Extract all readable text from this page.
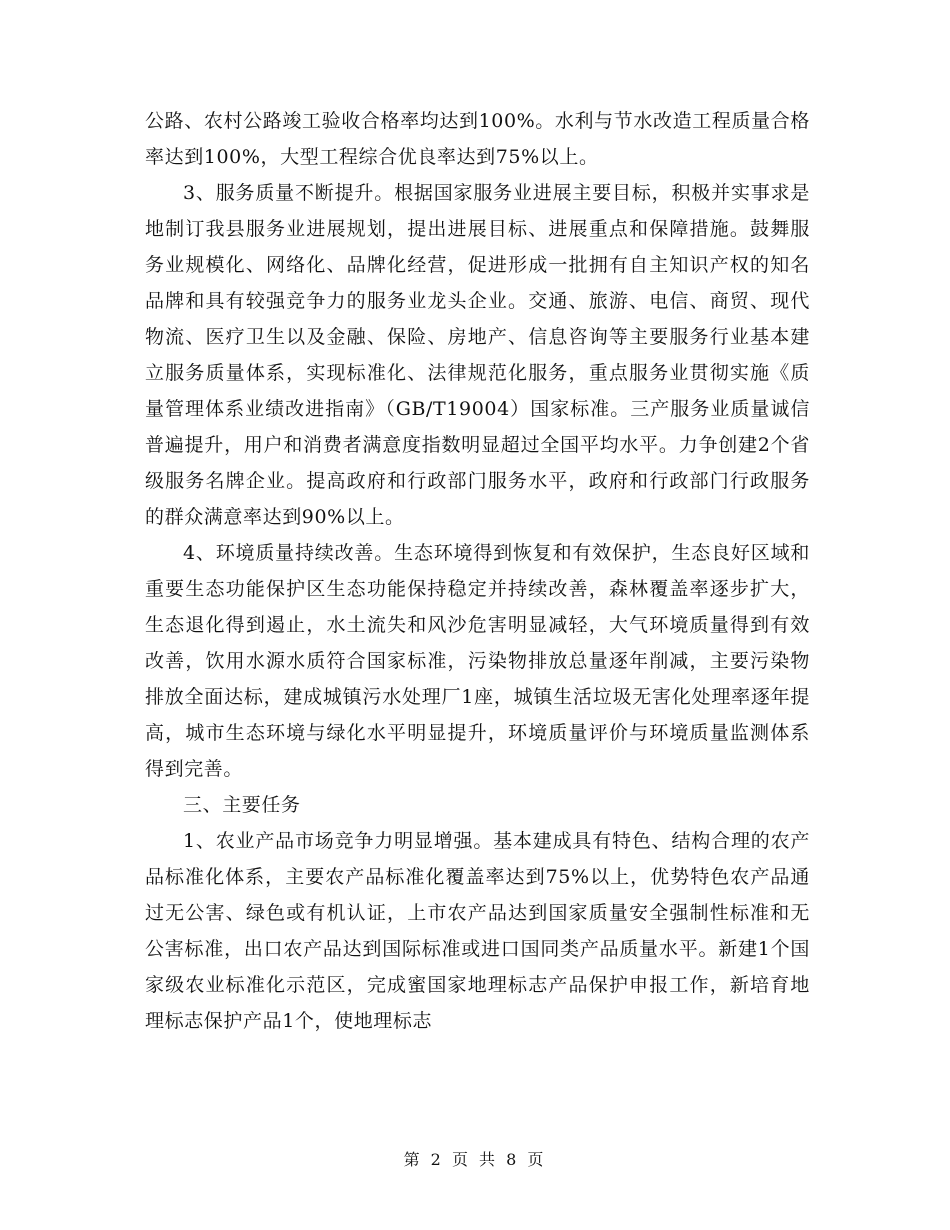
公路、农村公路竣工验收合格率均达到100%。水利与节水改造工程质量合格率达到100%，大型工程综合优良率达到75%以上。

3、服务质量不断提升。根据国家服务业进展主要目标，积极并实事求是地制订我县服务业进展规划，提出进展目标、进展重点和保障措施。鼓舞服务业规模化、网络化、品牌化经营，促进形成一批拥有自主知识产权的知名品牌和具有较强竞争力的服务业龙头企业。交通、旅游、电信、商贸、现代物流、医疗卫生以及金融、保险、房地产、信息咨询等主要服务行业基本建立服务质量体系，实现标准化、法律规范化服务，重点服务业贯彻实施《质量管理体系业绩改进指南》（GB/T19004）国家标准。三产服务业质量诚信普遍提升，用户和消费者满意度指数明显超过全国平均水平。力争创建2个省级服务名牌企业。提高政府和行政部门服务水平，政府和行政部门行政服务的群众满意率达到90%以上。

4、环境质量持续改善。生态环境得到恢复和有效保护，生态良好区域和重要生态功能保护区生态功能保持稳定并持续改善，森林覆盖率逐步扩大，生态退化得到遏止，水土流失和风沙危害明显减轻，大气环境质量得到有效改善，饮用水源水质符合国家标准，污染物排放总量逐年削减，主要污染物排放全面达标，建成城镇污水处理厂1座，城镇生活垃圾无害化处理率逐年提高，城市生态环境与绿化水平明显提升，环境质量评价与环境质量监测体系得到完善。

三、主要任务

1、农业产品市场竞争力明显增强。基本建成具有特色、结构合理的农产品标准化体系，主要农产品标准化覆盖率达到75%以上，优势特色农产品通过无公害、绿色或有机认证，上市农产品达到国家质量安全强制性标准和无公害标准，出口农产品达到国际标准或进口国同类产品质量水平。新建1个国家级农业标准化示范区，完成蜜国家地理标志产品保护申报工作，新培育地理标志保护产品1个，使地理标志

第 2 页 共 8 页
